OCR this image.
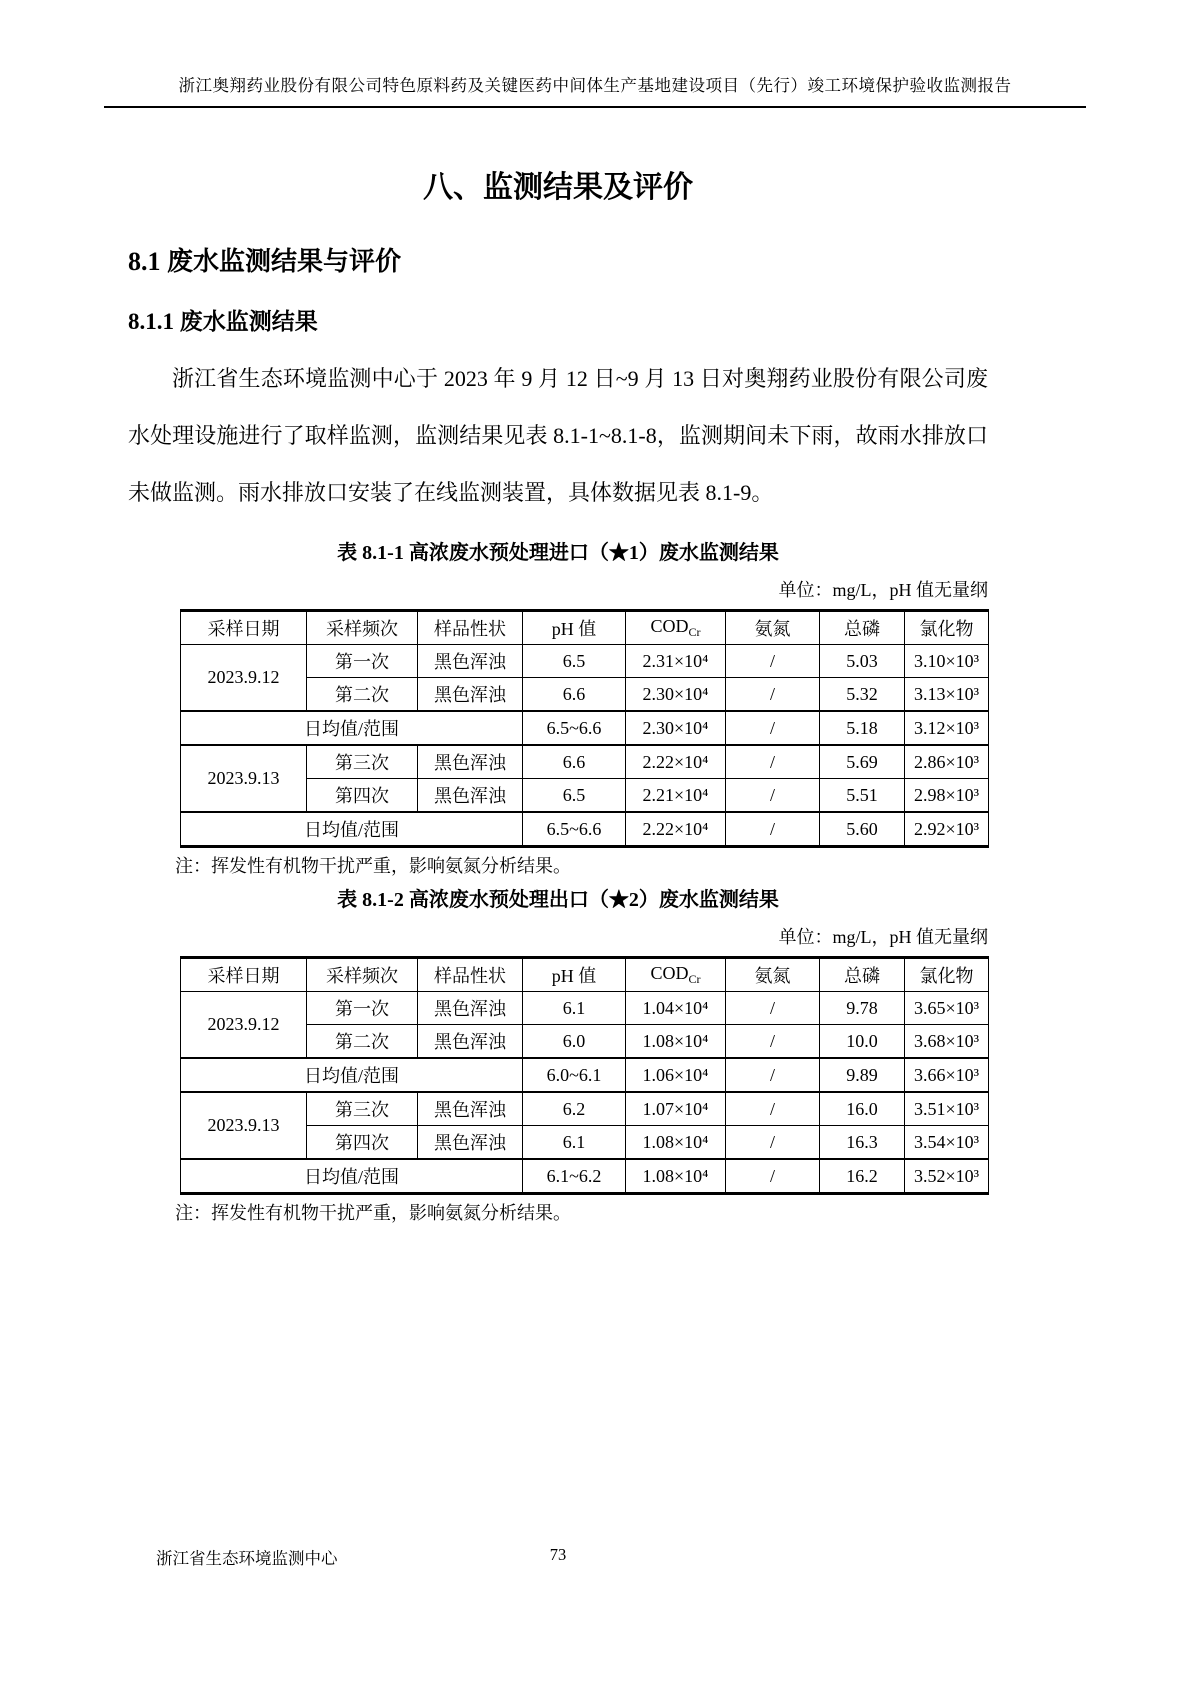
浙江奥翔药业股份有限公司特色原料药及关键医药中间体生产基地建设项目（先行）竣工环境保护验收监测报告
八、监测结果及评价
8.1 废水监测结果与评价
8.1.1 废水监测结果

浙江省生态环境监测中心于 2023 年 9 月 12 日~9 月 13 日对奥翔药业股份有限公司废水处理设施进行了取样监测，监测结果见表 8.1-1~8.1-8，监测期间未下雨，故雨水排放口未做监测。雨水排放口安装了在线监测装置，具体数据见表 8.1-9。

表 8.1-1 高浓废水预处理进口（★1）废水监测结果
单位：mg/L，pH 值无量纲
采样日期	采样频次	样品性状	pH 值	$COD_{Cr}$	氨氮	总磷	氯化物
2023.9.12	第一次	黑色浑浊	6.5	2.31×10⁴	/	5.03	3.10×10³
	第二次	黑色浑浊	6.6	2.30×10⁴	/	5.32	3.13×10³
日均值/范围			6.5~6.6	2.30×10⁴	/	5.18	3.12×10³
2023.9.13	第三次	黑色浑浊	6.6	2.22×10⁴	/	5.69	2.86×10³
	第四次	黑色浑浊	6.5	2.21×10⁴	/	5.51	2.98×10³
日均值/范围			6.5~6.6	2.22×10⁴	/	5.60	2.92×10³
注：挥发性有机物干扰严重，影响氨氮分析结果。
表 8.1-2 高浓废水预处理出口（★2）废水监测结果
单位：mg/L，pH 值无量纲
采样日期	采样频次	样品性状	pH 值	$COD_{Cr}$	氨氮	总磷	氯化物
2023.9.12	第一次	黑色浑浊	6.1	1.04×10⁴	/	9.78	3.65×10³
	第二次	黑色浑浊	6.0	1.08×10⁴	/	10.0	3.68×10³
日均值/范围			6.0~6.1	1.06×10⁴	/	9.89	3.66×10³
2023.9.13	第三次	黑色浑浊	6.2	1.07×10⁴	/	16.0	3.51×10³
	第四次	黑色浑浊	6.1	1.08×10⁴	/	16.3	3.54×10³
日均值/范围			6.1~6.2	1.08×10⁴	/	16.2	3.52×10³
注：挥发性有机物干扰严重，影响氨氮分析结果。
浙江省生态环境监测中心	73
